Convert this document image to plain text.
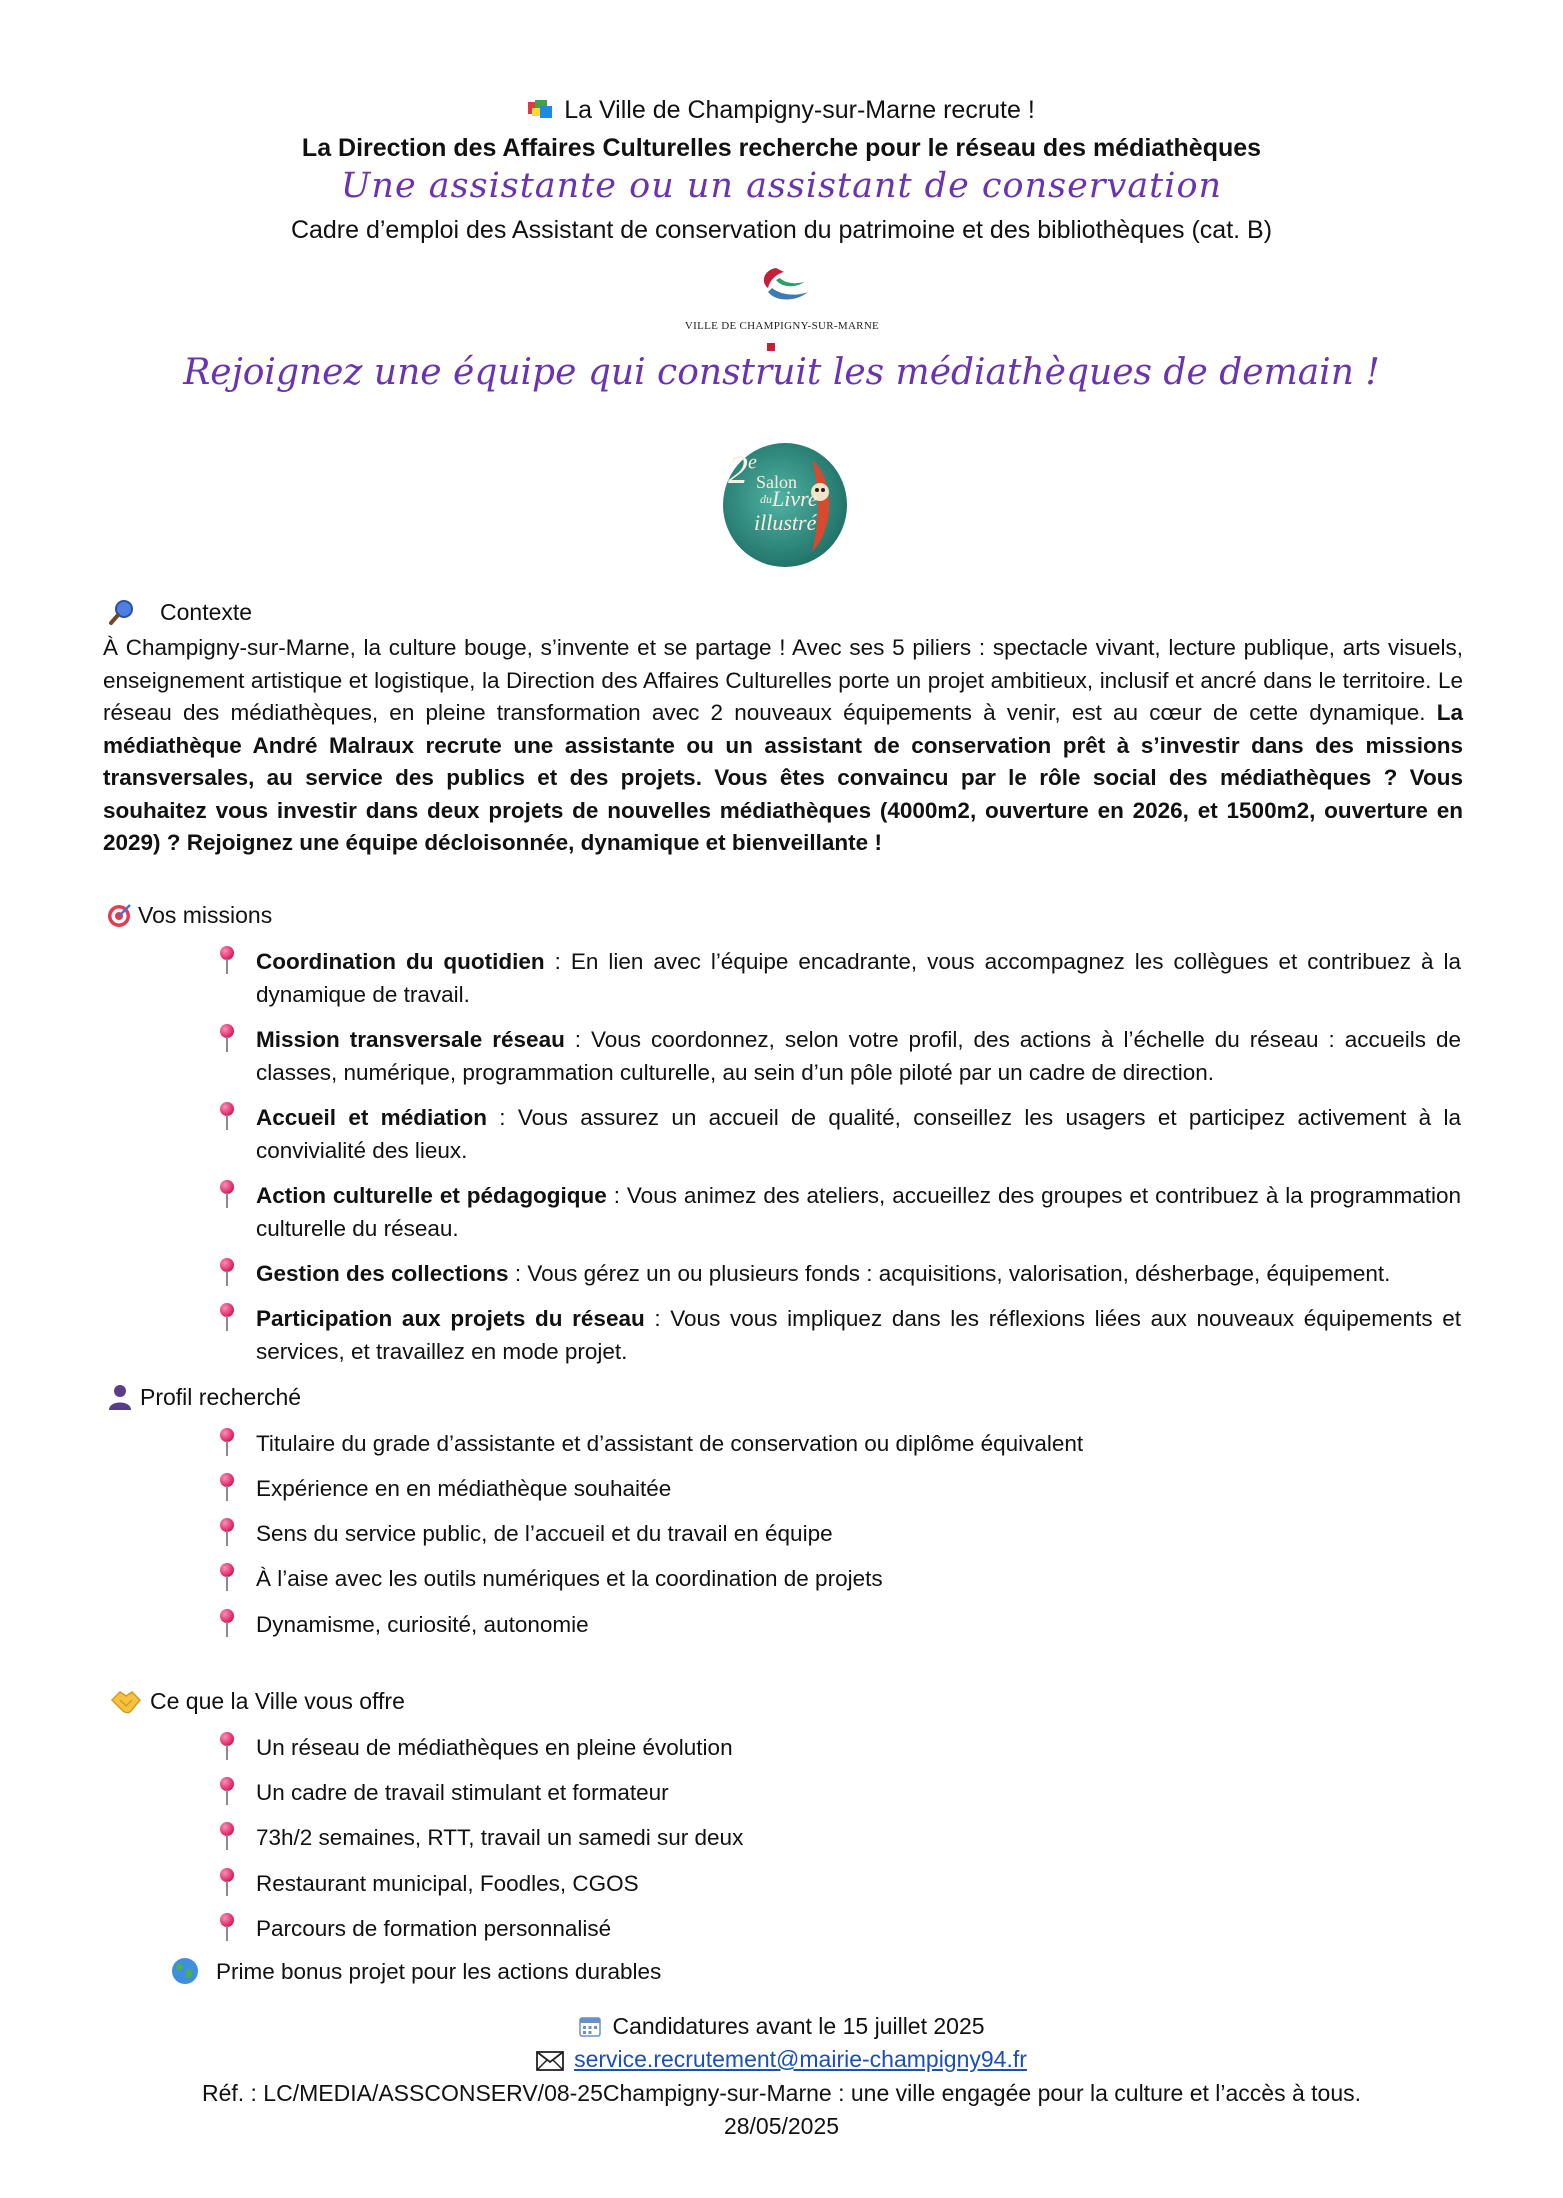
La Ville de Champigny-sur-Marne recrute !
La Direction des Affaires Culturelles recherche pour le réseau des médiathèques
Une assistante ou un assistant de conservation
Cadre d’emploi des Assistant de conservation du patrimoine et des bibliothèques (cat. B)
VILLE DE CHAMPIGNY-SUR-MARNE
Rejoignez une équipe qui construit les médiathèques de demain !
2e
Salon
du Livre
illustré
Contexte
À Champigny-sur-Marne, la culture bouge, s’invente et se partage ! Avec ses 5 piliers : spectacle vivant, lecture publique, arts visuels, enseignement artistique et logistique, la Direction des Affaires Culturelles porte un projet ambitieux, inclusif et ancré dans le territoire. Le réseau des médiathèques, en pleine transformation avec 2 nouveaux équipements à venir, est au cœur de cette dynamique. La médiathèque André Malraux recrute une assistante ou un assistant de conservation prêt à s’investir dans des missions transversales, au service des publics et des projets. Vous êtes convaincu par le rôle social des médiathèques ? Vous souhaitez vous investir dans deux projets de nouvelles médiathèques (4000m2, ouverture en 2026, et 1500m2, ouverture en 2029) ? Rejoignez une équipe décloisonnée, dynamique et bienveillante !
Vos missions
Coordination du quotidien : En lien avec l’équipe encadrante, vous accompagnez les collègues et contribuez à la dynamique de travail.
Mission transversale réseau : Vous coordonnez, selon votre profil, des actions à l’échelle du réseau : accueils de classes, numérique, programmation culturelle, au sein d’un pôle piloté par un cadre de direction.
Accueil et médiation : Vous assurez un accueil de qualité, conseillez les usagers et participez activement à la convivialité des lieux.
Action culturelle et pédagogique : Vous animez des ateliers, accueillez des groupes et contribuez à la programmation culturelle du réseau.
Gestion des collections : Vous gérez un ou plusieurs fonds : acquisitions, valorisation, désherbage, équipement.
Participation aux projets du réseau : Vous vous impliquez dans les réflexions liées aux nouveaux équipements et services, et travaillez en mode projet.
Profil recherché
Titulaire du grade d’assistante et d’assistant de conservation ou diplôme équivalent
Expérience en en médiathèque souhaitée
Sens du service public, de l’accueil et du travail en équipe
À l’aise avec les outils numériques et la coordination de projets
Dynamisme, curiosité, autonomie
Ce que la Ville vous offre
Un réseau de médiathèques en pleine évolution
Un cadre de travail stimulant et formateur
73h/2 semaines, RTT, travail un samedi sur deux
Restaurant municipal, Foodles, CGOS
Parcours de formation personnalisé
Prime bonus projet pour les actions durables
Candidatures avant le 15 juillet 2025
service.recrutement@mairie-champigny94.fr
Réf. : LC/MEDIA/ASSCONSERV/08-25Champigny-sur-Marne : une ville engagée pour la culture et l’accès à tous.
28/05/2025
